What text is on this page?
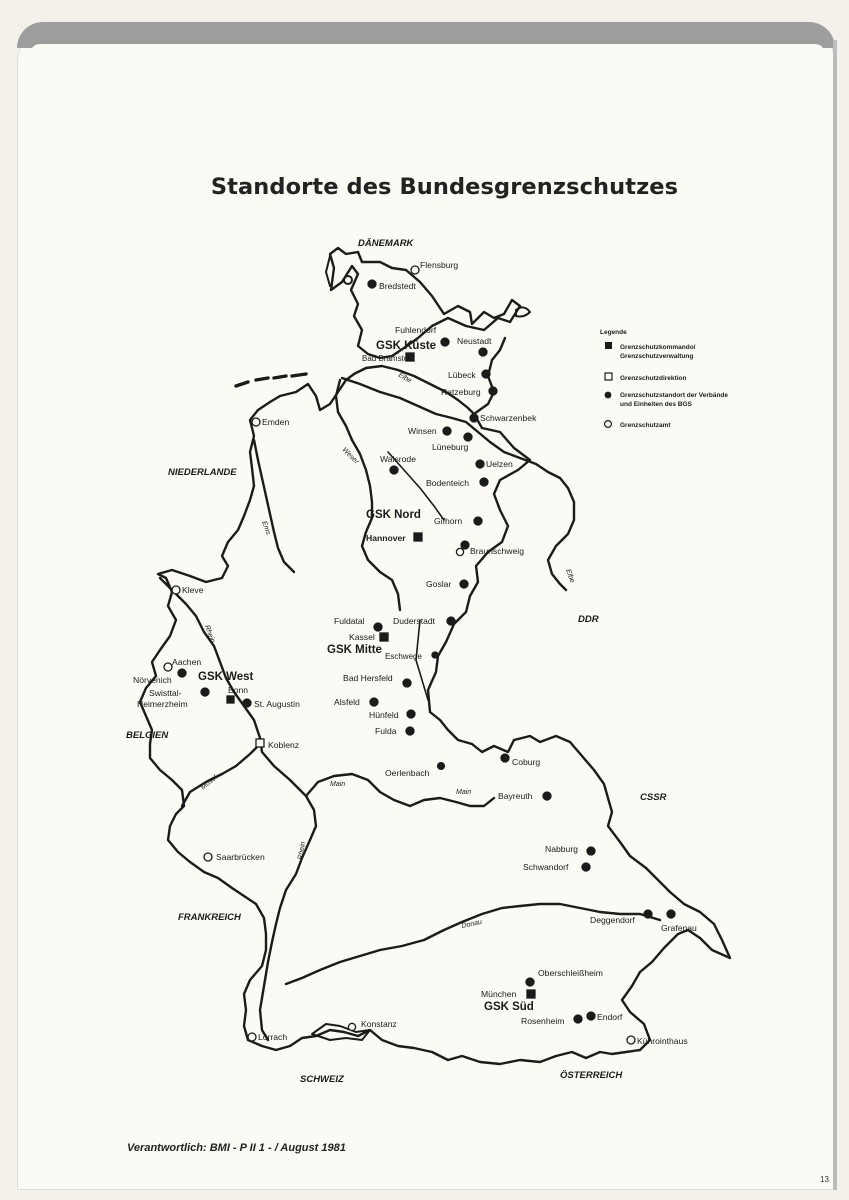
Standorte des Bundesgrenzschutzes
DÄNEMARK
NIEDERLANDE
BELGIEN
FRANKREICH
SCHWEIZ	ÖSTERREICH
CSSR
DDR
Elbe
Elbe
Weser
Ems
Rhein
Rhein
Mosel	Main
Main
Donau
Legende
Grenzschutzkommando/
Grenzschutzverwaltung
Grenzschutzdirektion
Grenzschutzstandort der Verbände
und Einheiten des BGS
Grenzschutzamt
GSK Küste
GSK Nord
GSK Mitte
GSK West
GSK Süd
Flensburg
Bredstedt
Fuhlendorf
Neustadt
Bad Bramstedt
Lübeck
Ratzeburg
Schwarzenbek
Emden
Winsen
Lüneburg
Walsrode	Uelzen
Bodenteich
Gifhorn
Hannover
Braunschweig
Goslar
Kleve
Fuldatal	Duderstadt
Kassel
Eschwege
Aachen
Nörvenich
Swisttal-
Heimerzheim
Bonn
St. Augustin
Bad Hersfeld
Alsfeld
Hünfeld
Fulda
Koblenz
Oerlenbach
Coburg
Bayreuth
Saarbrücken
Nabburg
Schwandorf
Deggendorf
Grafenau
Oberschleißheim
München
Rosenheim	Endorf
Lörrach
Konstanz
Kührointhaus
Verantwortlich: BMI - P II 1 - / August 1981
13
